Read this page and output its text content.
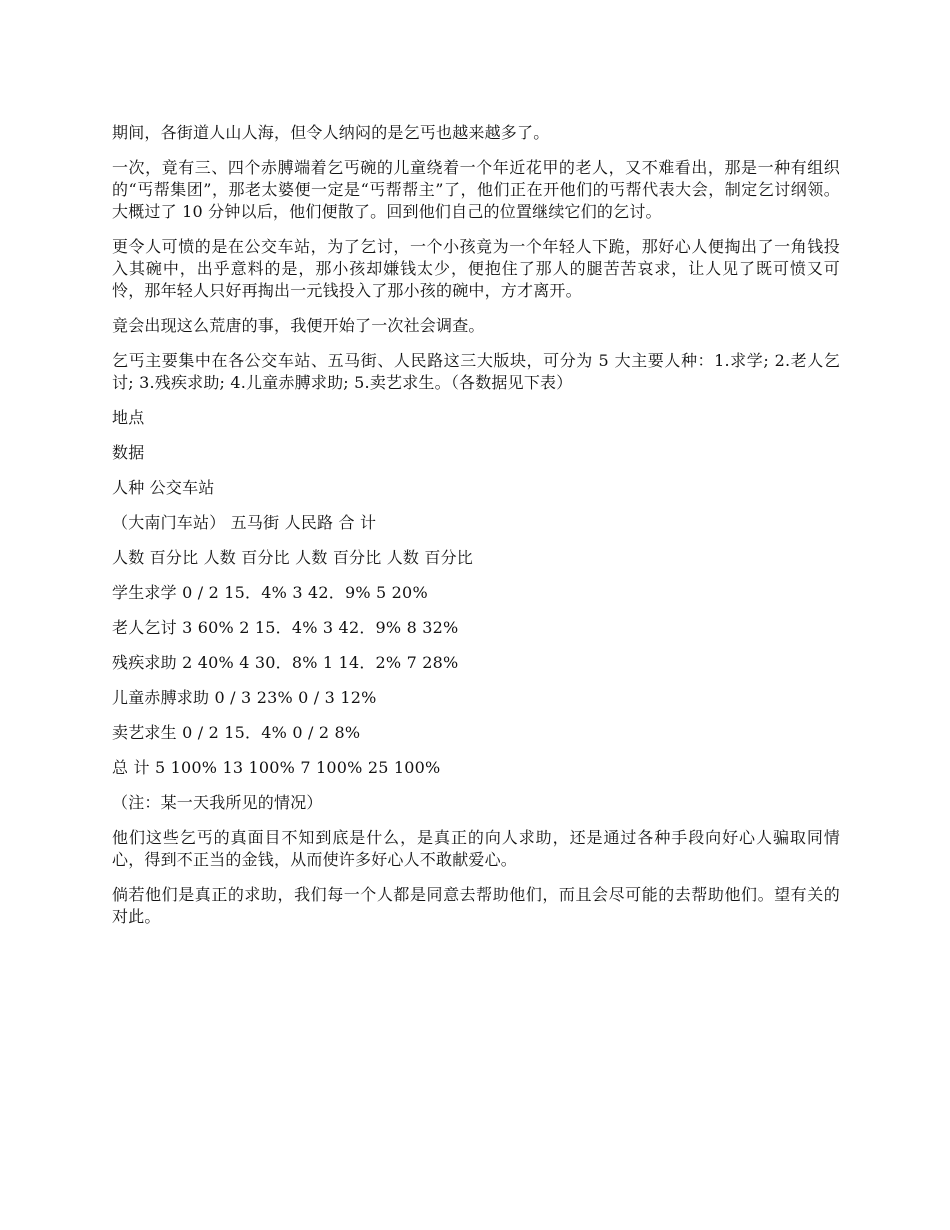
期间，各街道人山人海，但令人纳闷的是乞丐也越来越多了。

一次，竟有三、四个赤膊端着乞丐碗的儿童绕着一个年近花甲的老人，又不难看出，那是一种有组织的“丐帮集团”，那老太婆便一定是“丐帮帮主”了，他们正在开他们的丐帮代表大会，制定乞讨纲领。大概过了 10 分钟以后，他们便散了。回到他们自己的位置继续它们的乞讨。

更令人可愤的是在公交车站，为了乞讨，一个小孩竟为一个年轻人下跪，那好心人便掏出了一角钱投入其碗中，出乎意料的是，那小孩却嫌钱太少，便抱住了那人的腿苦苦哀求，让人见了既可愤又可怜，那年轻人只好再掏出一元钱投入了那小孩的碗中，方才离开。

竟会出现这么荒唐的事，我便开始了一次社会调查。

乞丐主要集中在各公交车站、五马街、人民路这三大版块，可分为 5 大主要人种：1.求学; 2.老人乞讨; 3.残疾求助; 4.儿童赤膊求助; 5.卖艺求生。（各数据见下表）

地点

数据

人种 公交车站

（大南门车站） 五马街 人民路 合 计

人数 百分比 人数 百分比 人数 百分比 人数 百分比

学生求学 0 / 2 15．4% 3 42．9% 5 20%

老人乞讨 3 60% 2 15．4% 3 42．9% 8 32%

残疾求助 2 40% 4 30．8% 1 14．2% 7 28%

儿童赤膊求助 0 / 3 23% 0 / 3 12%

卖艺求生 0 / 2 15．4% 0 / 2 8%

总 计 5 100% 13 100% 7 100% 25 100%

（注：某一天我所见的情况）

他们这些乞丐的真面目不知到底是什么，是真正的向人求助，还是通过各种手段向好心人骗取同情心，得到不正当的金钱，从而使许多好心人不敢献爱心。

倘若他们是真正的求助，我们每一个人都是同意去帮助他们，而且会尽可能的去帮助他们。望有关的对此。
